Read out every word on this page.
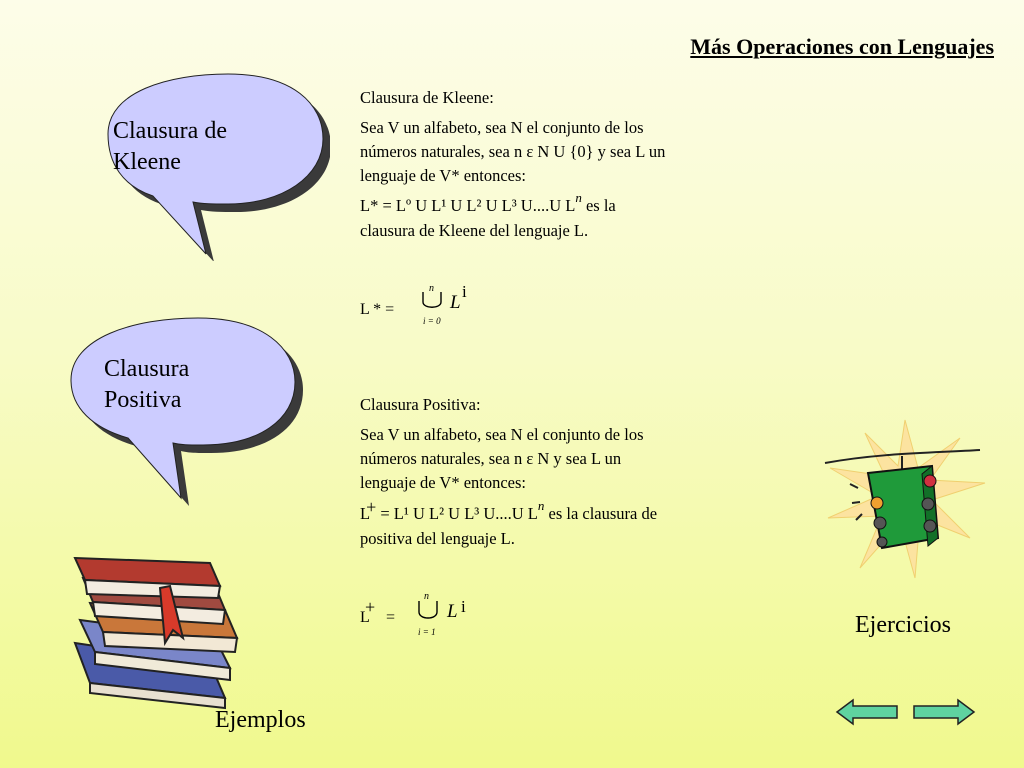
Más Operaciones con Lenguajes
Clausura de
Kleene
Clausura
Positiva

Clausura de Kleene:

Sea V un alfabeto, sea N el conjunto de los
números naturales, sea n ε N U {0} y sea L un

lenguaje de V* entonces:

L* = Lº U L¹ U L² U L³ U....U $L^n$ es la
clausura de Kleene del lenguaje L.
L * =
n
i = 0
L
i

Clausura Positiva:

Sea V un alfabeto, sea N el conjunto de los
números naturales, sea n ε N y sea L un

lenguaje de V* entonces:

L+ = L¹ U L² U L³ U....U $L^n$ es la clausura de
positiva del lenguaje L.
L
+
=
n
i = 1
L i
Ejemplos
Ejercicios
